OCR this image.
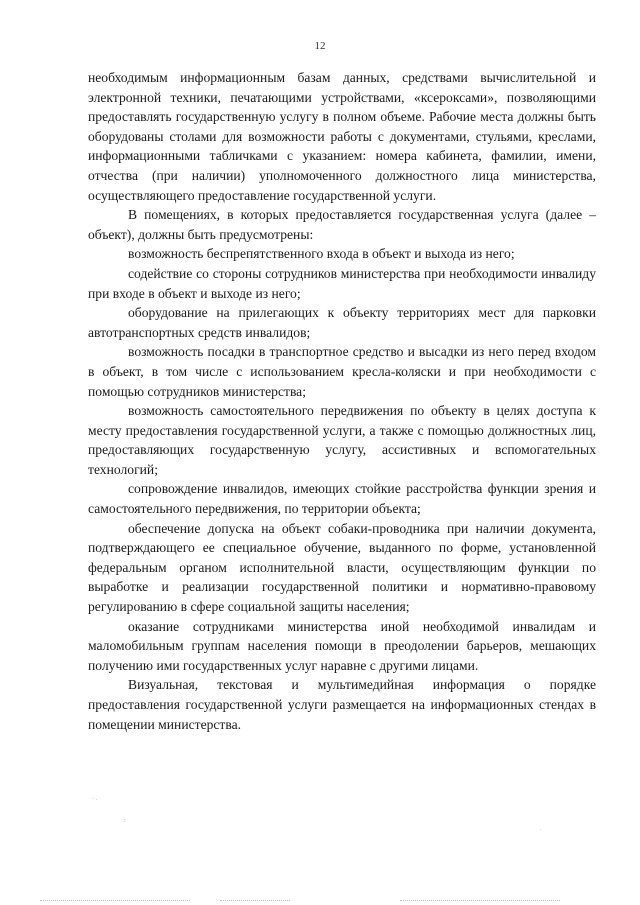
12

необходимым информационным базам данных, средствами вычислительной и электронной техники, печатающими устройствами, «ксероксами», позволяющими предоставлять государственную услугу в полном объеме. Рабочие места должны быть оборудованы столами для возможности работы с документами, стульями, креслами, информационными табличками с указанием: номера кабинета, фамилии, имени, отчества (при наличии) уполномоченного должностного лица министерства, осуществляющего предоставление государственной услуги.

В помещениях, в которых предоставляется государственная услуга (далее – объект), должны быть предусмотрены:

возможность беспрепятственного входа в объект и выхода из него;

содействие со стороны сотрудников министерства при необходимости инвалиду при входе в объект и выходе из него;

оборудование на прилегающих к объекту территориях мест для парковки автотранспортных средств инвалидов;

возможность посадки в транспортное средство и высадки из него перед входом в объект, в том числе с использованием кресла-коляски и при необходимости с помощью сотрудников министерства;

возможность самостоятельного передвижения по объекту в целях доступа к месту предоставления государственной услуги, а также с помощью должностных лиц, предоставляющих государственную услугу, ассистивных и вспомогательных технологий;

сопровождение инвалидов, имеющих стойкие расстройства функции зрения и самостоятельного передвижения, по территории объекта;

обеспечение допуска на объект собаки-проводника при наличии документа, подтверждающего ее специальное обучение, выданного по форме, установленной федеральным органом исполнительной власти, осуществляющим функции по выработке и реализации государственной политики и нормативно-правовому регулированию в сфере социальной защиты населения;

оказание сотрудниками министерства иной необходимой инвалидам и маломобильным группам населения помощи в преодолении барьеров, мешающих получению ими государственных услуг наравне с другими лицами.

Визуальная, текстовая и мультимедийная информация о порядке предоставления государственной услуги размещается на информационных стендах в помещении министерства.

· .
:
.
